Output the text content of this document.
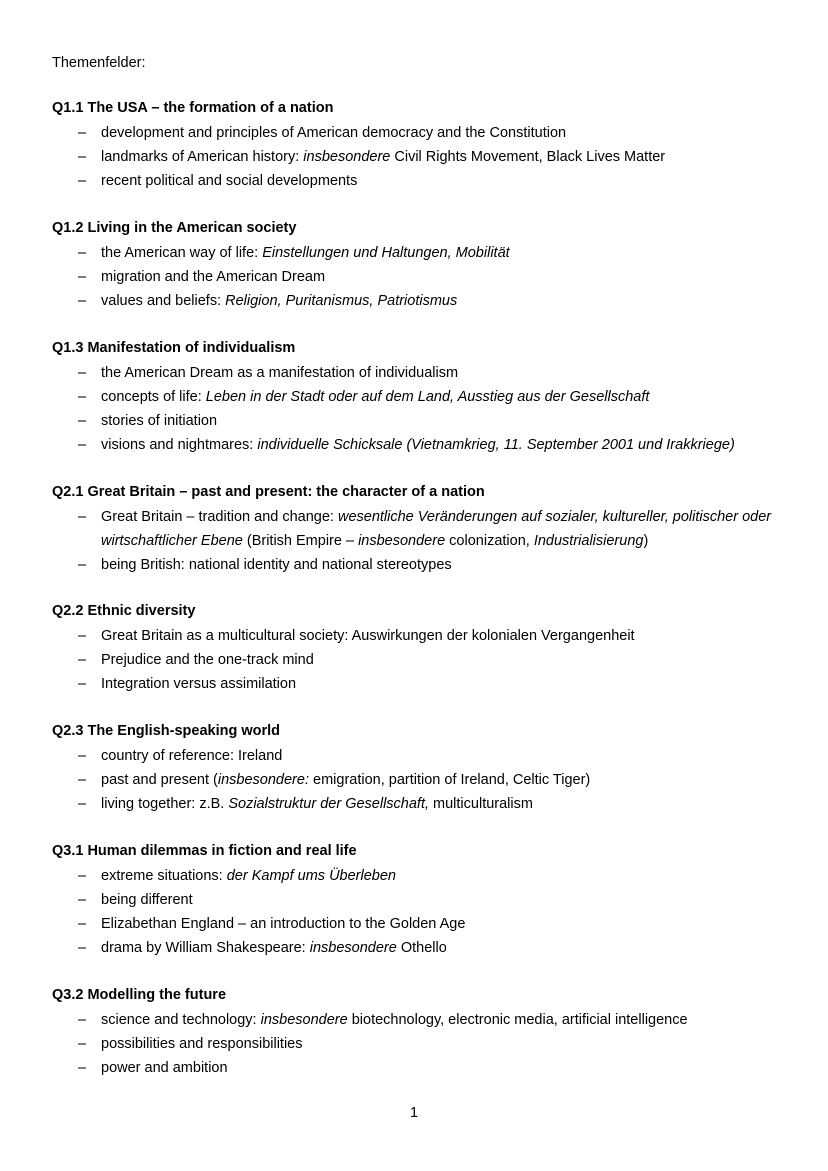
Themenfelder:
Q1.1 The USA – the formation of a nation
– development and principles of American democracy and the Constitution
– landmarks of American history: insbesondere Civil Rights Movement, Black Lives Matter
– recent political and social developments
Q1.2 Living in the American society
– the American way of life: Einstellungen und Haltungen, Mobilität
– migration and the American Dream
– values and beliefs: Religion, Puritanismus, Patriotismus
Q1.3 Manifestation of individualism
– the American Dream as a manifestation of individualism
– concepts of life: Leben in der Stadt oder auf dem Land, Ausstieg aus der Gesellschaft
– stories of initiation
– visions and nightmares: individuelle Schicksale (Vietnamkrieg, 11. September 2001 und Irakkriege)
Q2.1 Great Britain – past and present: the character of a nation
– Great Britain – tradition and change: wesentliche Veränderungen auf sozialer, kultureller, politischer oder wirtschaftlicher Ebene (British Empire – insbesondere colonization, Industrialisierung)
– being British: national identity and national stereotypes
Q2.2 Ethnic diversity
– Great Britain as a multicultural society: Auswirkungen der kolonialen Vergangenheit
– Prejudice and the one-track mind
– Integration versus assimilation
Q2.3 The English-speaking world
– country of reference: Ireland
– past and present (insbesondere: emigration, partition of Ireland, Celtic Tiger)
– living together: z.B. Sozialstruktur der Gesellschaft, multiculturalism
Q3.1 Human dilemmas in fiction and real life
– extreme situations: der Kampf ums Überleben
– being different
– Elizabethan England – an introduction to the Golden Age
– drama by William Shakespeare: insbesondere Othello
Q3.2 Modelling the future
– science and technology: insbesondere biotechnology, electronic media, artificial intelligence
– possibilities and responsibilities
– power and ambition
1
